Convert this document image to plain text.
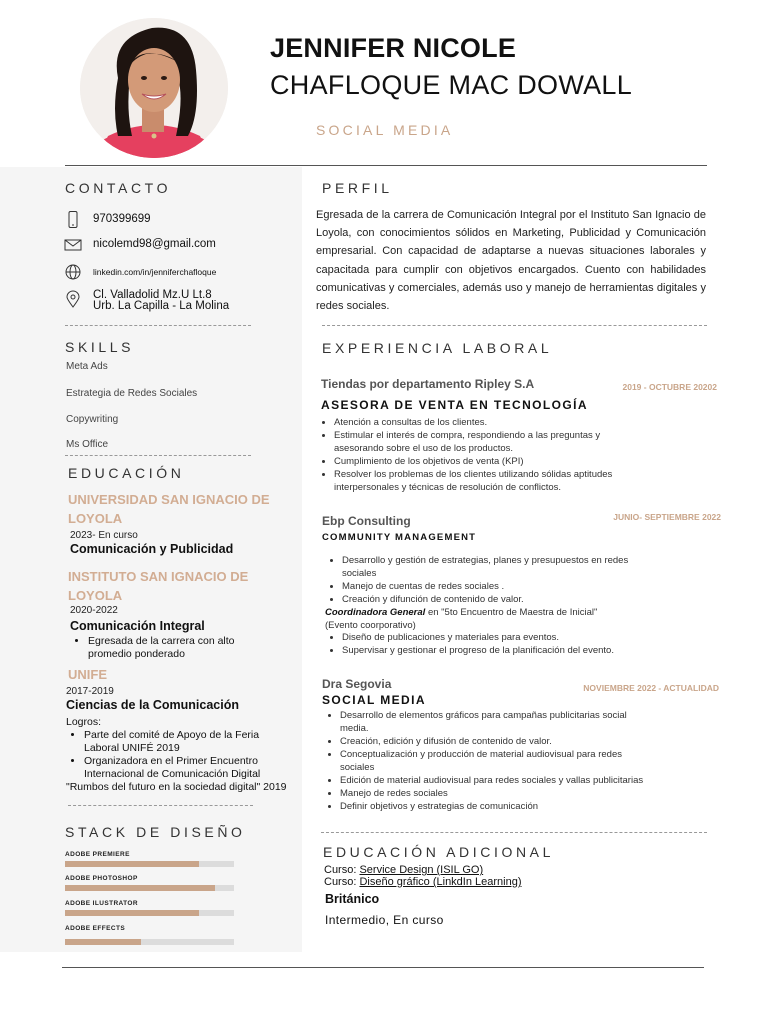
JENNIFER NICOLE
CHAFLOQUE MAC DOWALL
SOCIAL MEDIA
CONTACTO
970399699
nicolemd98@gmail.com
linkedin.com/in/jenniferchafloque
Cl. Valladolid Mz.U Lt.8
Urb. La Capilla - La Molina
SKILLS
Meta Ads
Estrategia de Redes Sociales
Copywriting
Ms Office
EDUCACIÓN
UNIVERSIDAD SAN IGNACIO DE LOYOLA
2023- En curso
Comunicación y Publicidad
INSTITUTO SAN IGNACIO DE LOYOLA
2020-2022
Comunicación Integral
• Egresada de la carrera con alto promedio ponderado
UNIFE
2017-2019
Ciencias de la Comunicación
Logros:
• Parte del comité de Apoyo de la Feria Laboral UNIFÉ 2019
• Organizadora en el Primer Encuentro Internacional de Comunicación Digital
"Rumbos del futuro en la sociedad digital" 2019
STACK DE DISEÑO
ADOBE PREMIERE
ADOBE PHOTOSHOP
ADOBE ILUSTRATOR
ADOBE EFFECTS
PERFIL
Egresada de la carrera de Comunicación Integral por el Instituto San Ignacio de Loyola, con conocimientos sólidos en Marketing, Publicidad y Comunicación empresarial. Con capacidad de adaptarse a nuevas situaciones laborales y capacitada para cumplir con objetivos encargados. Cuento con habilidades comunicativas y comerciales, además uso y manejo de herramientas digitales y redes sociales.
EXPERIENCIA LABORAL
Tiendas por departamento Ripley S.A	2019 - OCTUBRE 20202
ASESORA DE VENTA EN TECNOLOGÍA
• Atención a consultas de los clientes.
• Estimular el interés de compra, respondiendo a las preguntas y asesorando sobre el uso de los productos.
• Cumplimiento de los objetivos de venta (KPI)
• Resolver los problemas de los clientes utilizando sólidas aptitudes interpersonales y técnicas de resolución de conflictos.
Ebp Consulting	JUNIO- SEPTIEMBRE 2022
COMMUNITY MANAGEMENT
• Desarrollo y gestión de estrategias, planes y presupuestos en redes sociales
• Manejo de cuentas de redes sociales .
• Creación y difunción de contenido de valor.
Coordinadora General en "5to Encuentro de Maestra de Inicial"
(Evento coorporativo)
• Diseño de publicaciones y materiales para eventos.
• Supervisar y gestionar el progreso de la planificación del evento.
Dra Segovia	NOVIEMBRE 2022 - ACTUALIDAD
SOCIAL MEDIA
• Desarrollo de elementos gráficos para campañas publicitarias social media.
• Creación, edición y difusión de contenido de valor.
• Conceptualización y producción de material audiovisual para redes sociales
• Edición de material audiovisual para redes sociales y vallas publicitarias
• Manejo de redes sociales
• Definir objetivos y estrategias de comunicación
EDUCACIÓN ADICIONAL
Curso: Service Design (ISIL GO)
Curso: Diseño gráfico (LinkdIn Learning)
Británico
Intermedio, En curso
